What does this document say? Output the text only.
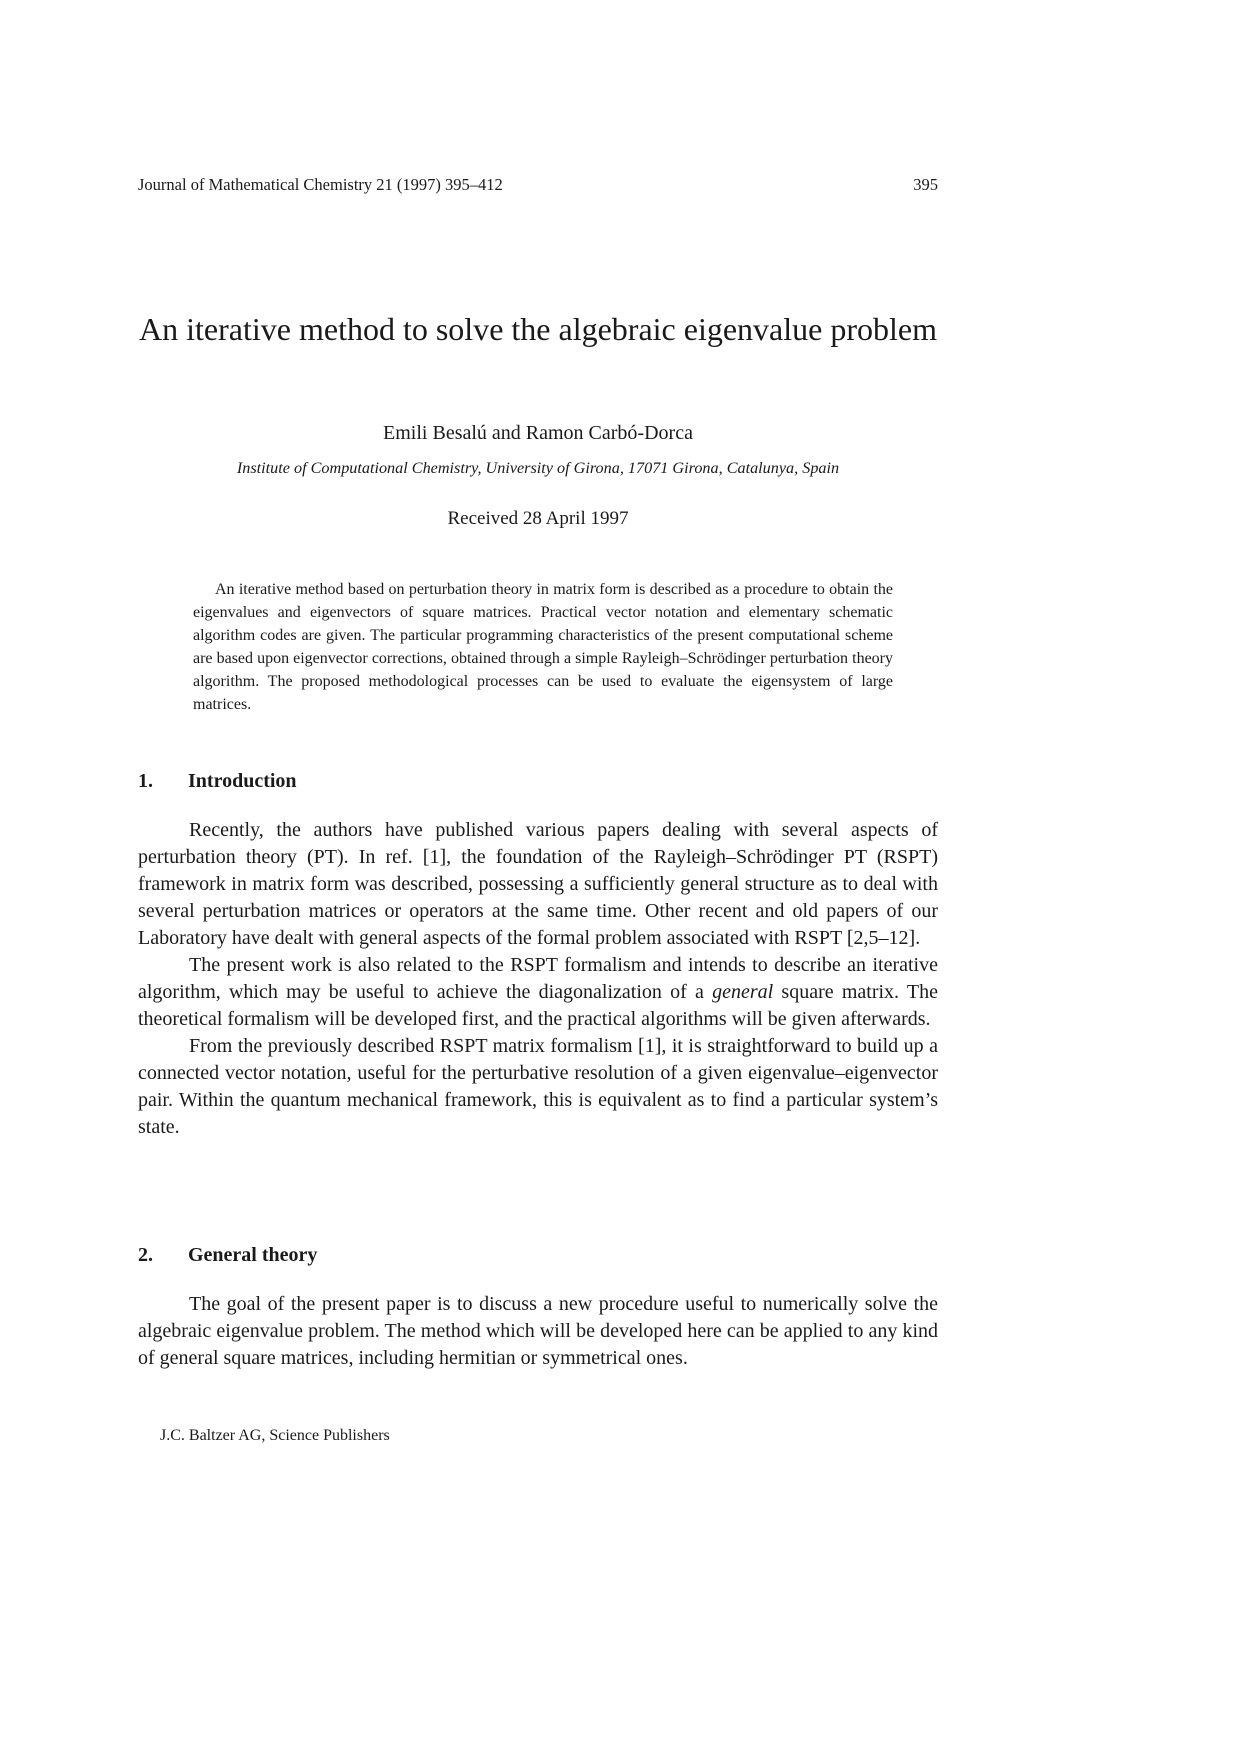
Journal of Mathematical Chemistry 21 (1997) 395–412	395
An iterative method to solve the algebraic eigenvalue problem
Emili Besalú and Ramon Carbó-Dorca
Institute of Computational Chemistry, University of Girona, 17071 Girona, Catalunya, Spain
Received 28 April 1997
An iterative method based on perturbation theory in matrix form is described as a procedure to obtain the eigenvalues and eigenvectors of square matrices. Practical vector notation and elementary schematic algorithm codes are given. The particular programming characteristics of the present computational scheme are based upon eigenvector corrections, obtained through a simple Rayleigh–Schrödinger perturbation theory algorithm. The proposed methodological processes can be used to evaluate the eigensystem of large matrices.
1. Introduction

Recently, the authors have published various papers dealing with several aspects of perturbation theory (PT). In ref. [1], the foundation of the Rayleigh–Schrödinger PT (RSPT) framework in matrix form was described, possessing a sufficiently general structure as to deal with several perturbation matrices or operators at the same time. Other recent and old papers of our Laboratory have dealt with general aspects of the formal problem associated with RSPT [2,5–12].

The present work is also related to the RSPT formalism and intends to describe an iterative algorithm, which may be useful to achieve the diagonalization of a general square matrix. The theoretical formalism will be developed first, and the practical algorithms will be given afterwards.

From the previously described RSPT matrix formalism [1], it is straightforward to build up a connected vector notation, useful for the perturbative resolution of a given eigenvalue–eigenvector pair. Within the quantum mechanical framework, this is equivalent as to find a particular system’s state.

2. General theory

The goal of the present paper is to discuss a new procedure useful to numerically solve the algebraic eigenvalue problem. The method which will be developed here can be applied to any kind of general square matrices, including hermitian or symmetrical ones.

J.C. Baltzer AG, Science Publishers
